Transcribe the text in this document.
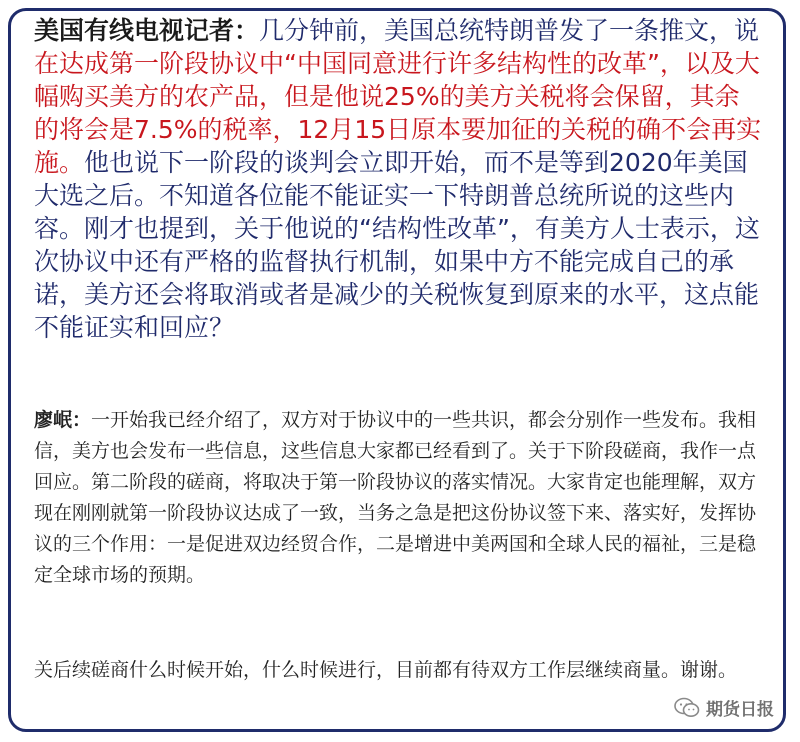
美国有线电视记者：几分钟前，美国总统特朗普发了一条推文，说在达成第一阶段协议中“中国同意进行许多结构性的改革”，以及大幅购买美方的农产品，但是他说25%的美方关税将会保留，其余的将会是7.5%的税率，12月15日原本要加征的关税的确不会再实施。他也说下一阶段的谈判会立即开始，而不是等到2020年美国大选之后。不知道各位能不能证实一下特朗普总统所说的这些内容。刚才也提到，关于他说的“结构性改革”，有美方人士表示，这次协议中还有严格的监督执行机制，如果中方不能完成自己的承诺，美方还会将取消或者是减少的关税恢复到原来的水平，这点能不能证实和回应？

廖岷：一开始我已经介绍了，双方对于协议中的一些共识，都会分别作一些发布。我相信，美方也会发布一些信息，这些信息大家都已经看到了。关于下阶段磋商，我作一点回应。第二阶段的磋商，将取决于第一阶段协议的落实情况。大家肯定也能理解，双方现在刚刚就第一阶段协议达成了一致，当务之急是把这份协议签下来、落实好，发挥协议的三个作用：一是促进双边经贸合作，二是增进中美两国和全球人民的福祉，三是稳定全球市场的预期。

关后续磋商什么时候开始，什么时候进行，目前都有待双方工作层继续商量。谢谢。

期货日报
